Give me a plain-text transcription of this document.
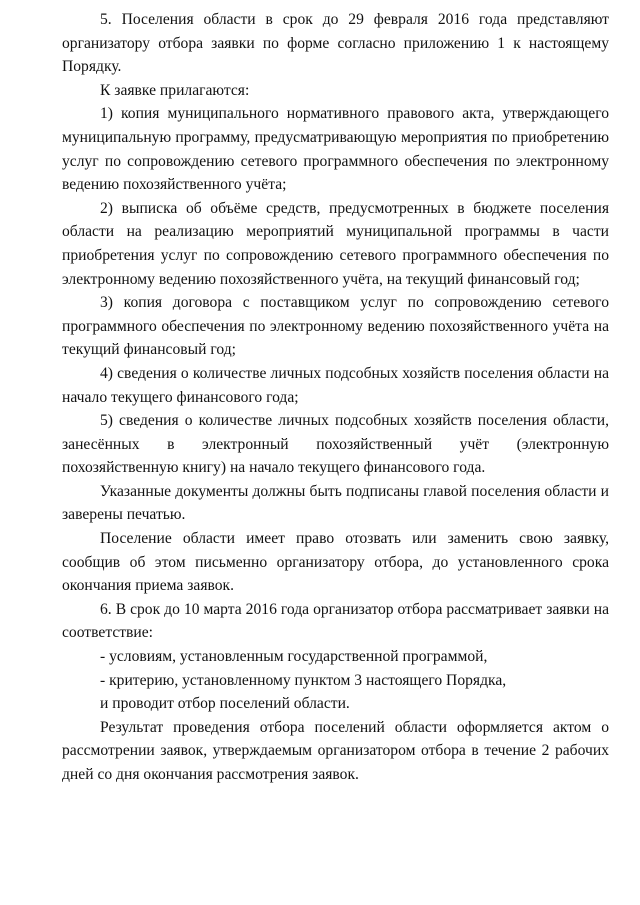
5. Поселения области в срок до 29 февраля 2016 года представляют организатору отбора заявки по форме согласно приложению 1 к настоящему Порядку.

К заявке прилагаются:

1) копия муниципального нормативного правового акта, утверждающего муниципальную программу, предусматривающую мероприятия по приобретению услуг по сопровождению сетевого программного обеспечения по электронному ведению похозяйственного учёта;

2) выписка об объёме средств, предусмотренных в бюджете поселения области на реализацию мероприятий муниципальной программы в части приобретения услуг по сопровождению сетевого программного обеспечения по электронному ведению похозяйственного учёта, на текущий финансовый год;

3) копия договора с поставщиком услуг по сопровождению сетевого программного обеспечения по электронному ведению похозяйственного учёта на текущий финансовый год;

4) сведения о количестве личных подсобных хозяйств поселения области на начало текущего финансового года;

5) сведения о количестве личных подсобных хозяйств поселения области, занесённых в электронный похозяйственный учёт (электронную похозяйственную книгу) на начало текущего финансового года.

Указанные документы должны быть подписаны главой поселения области и заверены печатью.

Поселение области имеет право отозвать или заменить свою заявку, сообщив об этом письменно организатору отбора, до установленного срока окончания приема заявок.

6. В срок до 10 марта 2016 года организатор отбора рассматривает заявки на соответствие:

- условиям, установленным государственной программой,

- критерию, установленному пунктом 3 настоящего Порядка,

и проводит отбор поселений области.

Результат проведения отбора поселений области оформляется актом о рассмотрении заявок, утверждаемым организатором отбора в течение 2 рабочих дней со дня окончания рассмотрения заявок.
